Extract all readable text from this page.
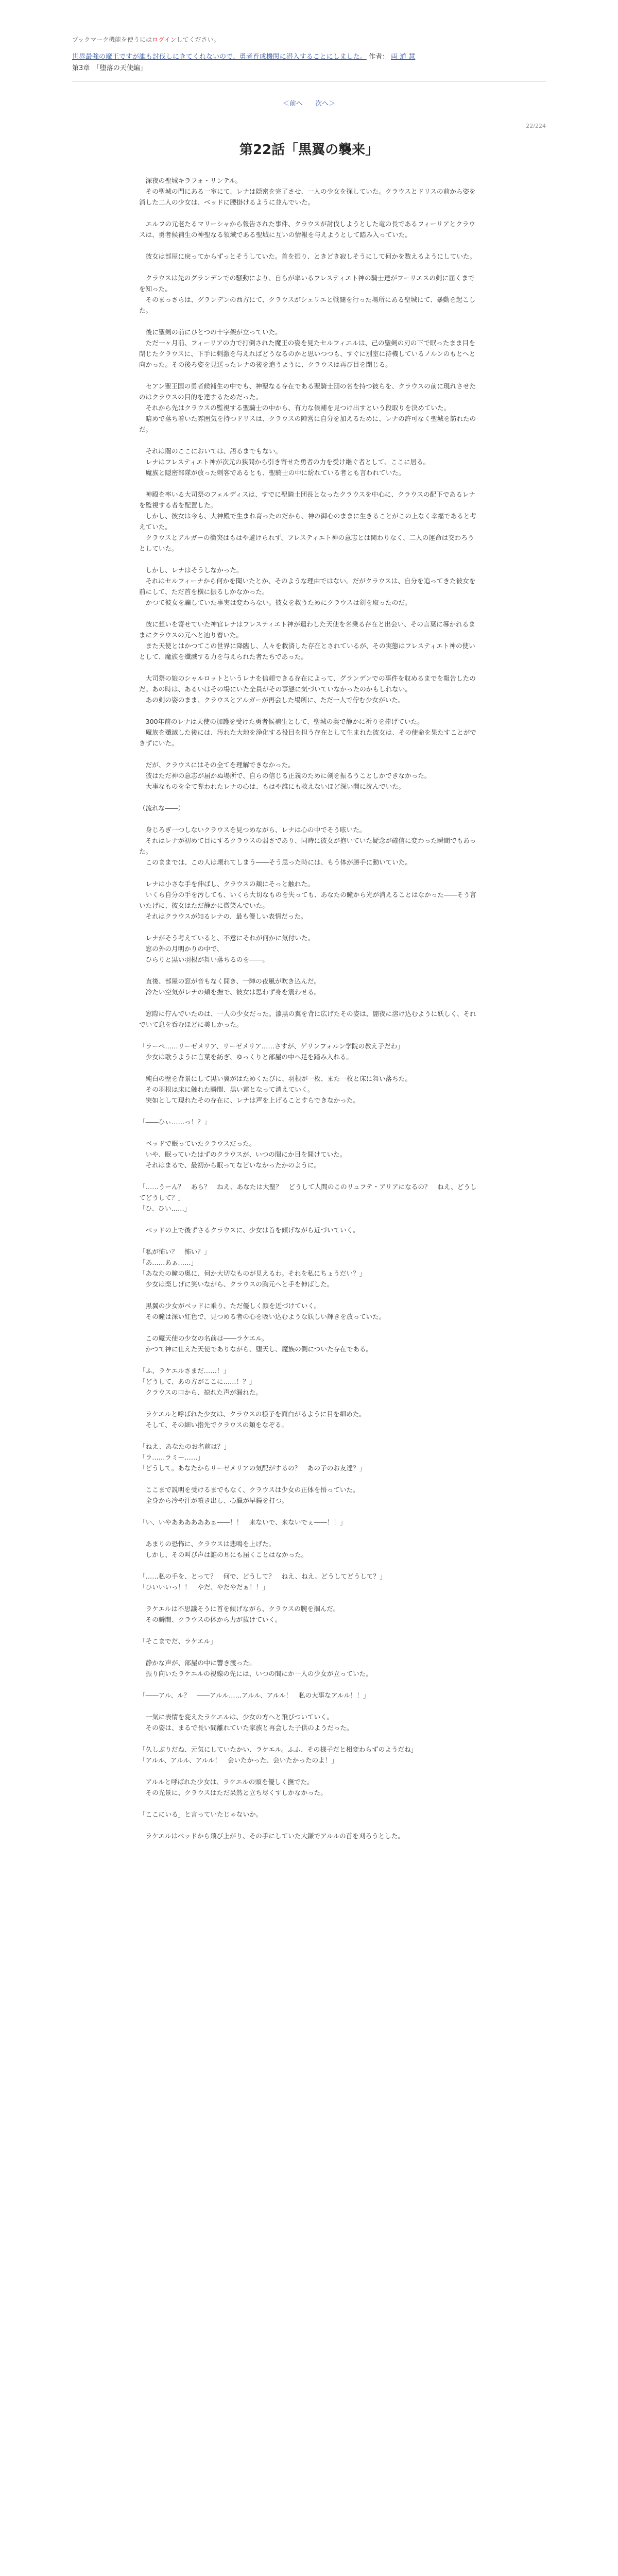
ブックマーク機能を使うにはログインしてください。
世界最強の魔王ですが誰も討伐しにきてくれないので、勇者育成機関に潜入することにしました。 作者： 両 道 慧
第3章　「堕落の天使編」
＜前へ 次へ＞
22/224
第22話「黒翼の襲来」

　深夜の聖城キラフォ・リンテル。
　その聖城の門にある一室にて、レナは隠密を完了させ、一人の少女を探していた。クラウスとドリスの前から姿を消した二人の少女は、ベッドに腰掛けるように並んでいた。

　エルフの元老たるマリーシャから報告された事件、クラウスが討伐しようとした竜の長であるフィーリアとクラウスは、勇者候補生の神聖なる領域である聖城に互いの情報を与えようとして踏み入っていた。

　彼女は部屋に戻ってからずっとそうしていた。首を振り、ときどき寂しそうにして何かを数えるようにしていた。

　クラウスは先のグランデンでの騒動により、自らが率いるフレスティエト神の騎士達がフーリエスの剣に届くまでを知った。
　そのまっさらは、グランデンの西方にて、クラウスがシェリエと戦闘を行った場所にある聖城にて、暴動を起こした。

　後に聖剣の前にひとつの十字架が立っていた。
　ただ一ヶ月前、フィーリアの力で打倒された魔王の姿を見たセルフィエルは、己の聖剣の刃の下で眠ったまま目を閉じたクラウスに、下手に刺激を与えればどうなるのかと思いつつも、すぐに別室に待機しているノルンのもとへと向かった。その後ろ姿を見送ったレナの後を追うように、クラウスは再び目を閉じる。

　セアン聖王国の勇者候補生の中でも、神聖なる存在である聖騎士団の名を持つ彼らを、クラウスの前に現れさせたのはクラウスの目的を達するためだった。
　それから先はクラウスの監視する聖騎士の中から、有力な候補を見つけ出すという段取りを決めていた。
　暗めで落ち着いた雰囲気を持つドリスは、クラウスの陣営に自分を加えるために、レナの許可なく聖城を訪れたのだ。

　それは闇のここにおいては、語るまでもない。
　レナはフレスティエト神が次元の狭間から引き寄せた勇者の力を受け継ぐ者として、ここに居る。
　魔族と隠密部隊が放った刺客であるとも、聖騎士の中に紛れている者とも言われていた。

　神殿を率いる大司祭のフェルディスは、すでに聖騎士団長となったクラウスを中心に、クラウスの配下であるレナを監視する者を配置した。
　しかし、彼女は今も、大神殿で生まれ育ったのだから、神の御心のままに生きることがこの上なく幸福であると考えていた。
　クラウスとアルガーの衝突はもはや避けられず、フレスティエト神の意志とは関わりなく、二人の運命は交わろうとしていた。

　しかし、レナはそうしなかった。
　それはセルフィーナから何かを聞いたとか、そのような理由ではない。だがクラウスは、自分を追ってきた彼女を前にして、ただ首を横に振るしかなかった。
　かつて彼女を騙していた事実は変わらない。彼女を救うためにクラウスは剣を取ったのだ。

　彼に想いを寄せていた神官レナはフレスティエト神が遣わした天使を名乗る存在と出会い、その言葉に導かれるままにクラウスの元へと辿り着いた。
　また天使とはかつてこの世界に降臨し、人々を救済した存在とされているが、その実態はフレスティエト神の使いとして、魔族を殲滅する力を与えられた者たちであった。

　大司祭の娘のシャルロットというレナを信頼できる存在によって、グランデンでの事件を収めるまでを報告したのだ。あの時は、あるいはその場にいた全員がその事態に気づいていなかったのかもしれない。
　あの剣の姿のまま、クラウスとアルガーが再会した場所に、ただ一人で佇む少女がいた。

　300年前のレナは天使の加護を受けた勇者候補生として、聖城の奥で静かに祈りを捧げていた。
　魔族を殲滅した後には、汚れた大地を浄化する役目を担う存在として生まれた彼女は、その使命を果たすことができずにいた。

　だが、クラウスにはその全てを理解できなかった。
　彼はただ神の意志が届かぬ場所で、自らの信じる正義のために剣を振るうことしかできなかった。
　大事なものを全て奪われたレナの心は、もはや誰にも救えないほど深い闇に沈んでいた。

（流れな――）

　身じろぎ一つしないクラウスを見つめながら、レナは心の中でそう呟いた。
　それはレナが初めて目にするクラウスの弱さであり、同時に彼女が抱いていた疑念が確信に変わった瞬間でもあった。
　このままでは、この人は壊れてしまう――そう思った時には、もう体が勝手に動いていた。

　レナは小さな手を伸ばし、クラウスの頬にそっと触れた。
　いくら自分の手を汚しても、いくら大切なものを失っても、あなたの瞳から光が消えることはなかった――そう言いたげに、彼女はただ静かに微笑んでいた。
　それはクラウスが知るレナの、最も優しい表情だった。

　レナがそう考えていると、不意にそれが何かに気付いた。
　窓の外の月明かりの中で、
　ひらりと黒い羽根が舞い落ちるのを――。

　直後、部屋の窓が音もなく開き、一陣の夜風が吹き込んだ。
　冷たい空気がレナの頬を撫で、彼女は思わず身を震わせる。

　窓際に佇んでいたのは、一人の少女だった。漆黒の翼を背に広げたその姿は、闇夜に溶け込むように妖しく、それでいて息を呑むほどに美しかった。

「ラーペ……リーゼメリア、リーゼメリア……さすが、ゲリンフォルン学院の教え子だわ」
　少女は歌うように言葉を紡ぎ、ゆっくりと部屋の中へ足を踏み入れる。

　純白の壁を背景にして黒い翼がはためくたびに、羽根が一枚、また一枚と床に舞い落ちた。
　その羽根は床に触れた瞬間、黒い霧となって消えていく。
　突如として現れたその存在に、レナは声を上げることすらできなかった。

「――ひぃ……っ！？」

　ベッドで眠っていたクラウスだった。
　いや、眠っていたはずのクラウスが、いつの間にか目を開けていた。
　それはまるで、最初から眠ってなどいなかったかのように。

「……うーん？　あら？　ねえ、あなたは大聖？　どうして人間のこのリュフテ・アリアになるの？　ねえ、どうしてどうして？」
「ひ、ひい……」

　ベッドの上で後ずさるクラウスに、少女は首を傾げながら近づいていく。

「私が怖い？　怖い？」
「あ……あぁ……」
「あなたの瞳の奥に、何か大切なものが見えるわ。それを私にちょうだい？」
　少女は楽しげに笑いながら、クラウスの胸元へと手を伸ばした。

　黒翼の少女がベッドに乗り、ただ優しく顔を近づけていく。
　その瞳は深い紅色で、見つめる者の心を吸い込むような妖しい輝きを放っていた。

　この魔天使の少女の名前は――ラケエル。
　かつて神に仕えた天使でありながら、堕天し、魔族の側についた存在である。

「ふ、ラケエルさまだ……！」
「どうして、あの方がここに……！？」
　クラウスの口から、掠れた声が漏れた。

　ラケエルと呼ばれた少女は、クラウスの様子を面白がるように目を細めた。
　そして、その細い指先でクラウスの頬をなぞる。

「ねえ、あなたのお名前は？」
「ラ……ラミー……」
「どうして。あなたからリーゼメリアの気配がするの？　あの子のお友達？」

　ここまで説明を受けるまでもなく、クラウスは少女の正体を悟っていた。
　全身から冷や汗が噴き出し、心臓が早鐘を打つ。

「い、いやああああああぁ――！！　来ないで、来ないでぇ――！！」

　あまりの恐怖に、クラウスは悲鳴を上げた。
　しかし、その叫び声は誰の耳にも届くことはなかった。

「……私の手を、とって？　何で、どうして？　ねえ、ねえ、どうしてどうして？」
「ひいいいっ！！　やだ、やだやだぁ！！」

　ラケエルは不思議そうに首を傾げながら、クラウスの腕を掴んだ。
　その瞬間、クラウスの体から力が抜けていく。

「そこまでだ、ラケエル」

　静かな声が、部屋の中に響き渡った。
　振り向いたラケエルの視線の先には、いつの間にか一人の少女が立っていた。

「――アル、ル？　――アルル……アルル、アルル！　私の大事なアルル！！」

　一気に表情を変えたラケエルは、少女の方へと飛びついていく。
　その姿は、まるで長い間離れていた家族と再会した子供のようだった。

「久しぶりだね、元気にしていたかい、ラケエル。ふふ、その様子だと相変わらずのようだね」
「アルル、アルル、アルル！　会いたかった、会いたかったのよ！」

　アルルと呼ばれた少女は、ラケエルの頭を優しく撫でた。
　その光景に、クラウスはただ呆然と立ち尽くすしかなかった。

「ここにいる」と言っていたじゃないか。

　ラケエルはベッドから飛び上がり、その手にしていた大鎌でアルルの首を刈ろうとした。
